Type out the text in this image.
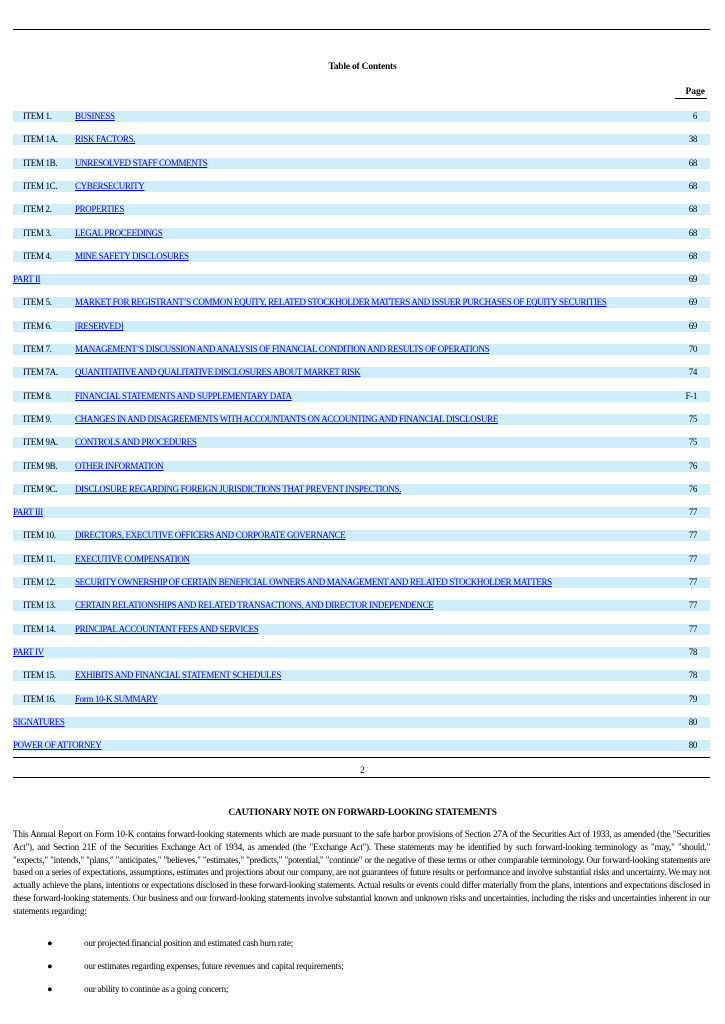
Table of Contents
Page
ITEM 1.	BUSINESS	6
ITEM 1A. RISK FACTORS.	38
ITEM 1B. UNRESOLVED STAFF COMMENTS	68
ITEM 1C. CYBERSECURITY	68
ITEM 2.	PROPERTIES	68
ITEM 3.	LEGAL PROCEEDINGS	68
ITEM 4.	MINE SAFETY DISCLOSURES	68
PART II	69
ITEM 5.	MARKET FOR REGISTRANT’S COMMON EQUITY, RELATED STOCKHOLDER MATTERS AND ISSUER PURCHASES OF EQUITY SECURITIES	69
ITEM 6.	[RESERVED]	69
ITEM 7.	MANAGEMENT’S DISCUSSION AND ANALYSIS OF FINANCIAL CONDITION AND RESULTS OF OPERATIONS	70
ITEM 7A. QUANTITATIVE AND QUALITATIVE DISCLOSURES ABOUT MARKET RISK	74
ITEM 8.	FINANCIAL STATEMENTS AND SUPPLEMENTARY DATA	F-1
ITEM 9.	CHANGES IN AND DISAGREEMENTS WITH ACCOUNTANTS ON ACCOUNTING AND FINANCIAL DISCLOSURE	75
ITEM 9A. CONTROLS AND PROCEDURES	75
ITEM 9B. OTHER INFORMATION	76
ITEM 9C. DISCLOSURE REGARDING FOREIGN JURISDICTIONS THAT PREVENT INSPECTIONS.	76
PART III	77
ITEM 10. DIRECTORS, EXECUTIVE OFFICERS AND CORPORATE GOVERNANCE	77
ITEM 11. EXECUTIVE COMPENSATION	77
ITEM 12. SECURITY OWNERSHIP OF CERTAIN BENEFICIAL OWNERS AND MANAGEMENT AND RELATED STOCKHOLDER MATTERS	77
ITEM 13. CERTAIN RELATIONSHIPS AND RELATED TRANSACTIONS, AND DIRECTOR INDEPENDENCE	77
ITEM 14. PRINCIPAL ACCOUNTANT FEES AND SERVICES	77
PART IV	78
ITEM 15. EXHIBITS AND FINANCIAL STATEMENT SCHEDULES	78
ITEM 16. Form 10-K SUMMARY	79
SIGNATURES	80
POWER OF ATTORNEY	80
2
CAUTIONARY NOTE ON FORWARD-LOOKING STATEMENTS
This Annual Report on Form 10-K contains forward-looking statements which are made pursuant to the safe harbor provisions of Section 27A of the Securities Act of 1933, as amended (the "Securities Act"), and Section 21E of the Securities Exchange Act of 1934, as amended (the "Exchange Act"). These statements may be identified by such forward-looking terminology as "may," "should," "expects," "intends," "plans," "anticipates," "believes," "estimates," "predicts," "potential," "continue" or the negative of these terms or other comparable terminology. Our forward-looking statements are based on a series of expectations, assumptions, estimates and projections about our company, are not guarantees of future results or performance and involve substantial risks and uncertainty. We may not actually achieve the plans, intentions or expectations disclosed in these forward-looking statements. Actual results or events could differ materially from the plans, intentions and expectations disclosed in these forward-looking statements. Our business and our forward-looking statements involve substantial known and unknown risks and uncertainties, including the risks and uncertainties inherent in our statements regarding:
●	our projected financial position and estimated cash burn rate;
●	our estimates regarding expenses, future revenues and capital requirements;
●	our ability to continue as a going concern;
